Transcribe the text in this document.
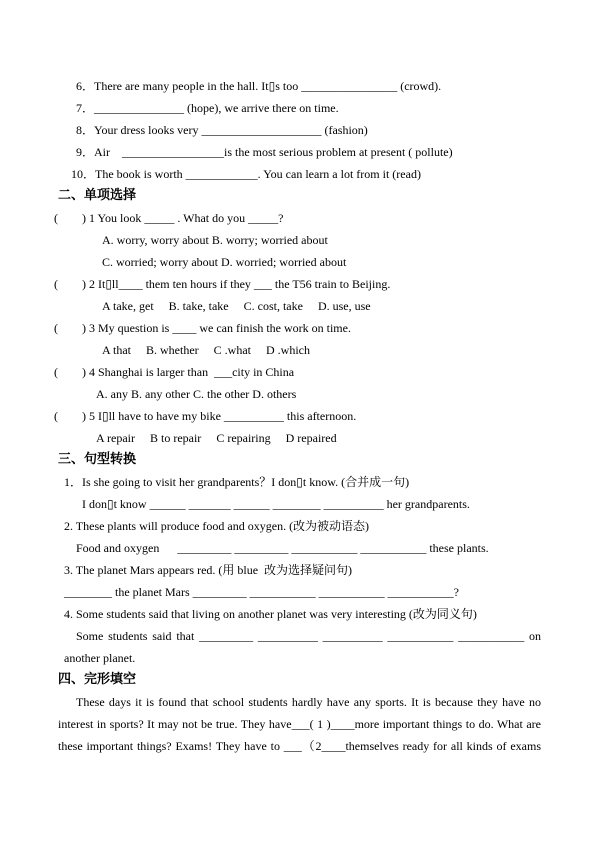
6．There are many people in the hall. It▯s too ________________ (crowd).
7．_______________ (hope), we arrive there on time.
8．Your dress looks very ____________________ (fashion)
9．Air    _________________is the most serious problem at present ( pollute)
10．The book is worth ____________. You can learn a lot from it (read)
二、单项选择
(        ) 1 You look _____ . What do you _____?
A. worry, worry about B. worry; worried about
C. worried; worry about D. worried; worried about
(        ) 2 It▯ll____ them ten hours if they ___ the T56 train to Beijing.
A take, get B. take, take C. cost, take D. use, use
(        ) 3 My question is ____ we can finish the work on time.
A that B. whether C .what D .which
(        ) 4 Shanghai is larger than  ___city in China
A. any B. any other C. the other D. others
(        ) 5 I▯ll have to have my bike __________ this afternoon.
A repair B to repair C repairing D repaired
三、句型转换
1．Is she going to visit her grandparents？I don▯t know. (合并成一句)
I don▯t know ______ _______ ______ ________ __________ her grandparents.
2. These plants will produce food and oxygen. (改为被动语态)
Food and oxygen      _________ _________ ___________ ___________ these plants.
3. The planet Mars appears red. (用 blue  改为选择疑问句)
________ the planet Mars _________ ___________ ___________ ___________?
4. Some students said that living on another planet was very interesting (改为同义句)
Some students said that _________ __________ __________ ___________ ___________ on
another planet.
四、完形填空
These days it is found that school students hardly have any sports. It is because they have no
interest in sports? It may not be true. They have___( 1 )____more important things to do. What are
these important things? Exams! They have to ___（2____themselves ready for all kinds of exams
